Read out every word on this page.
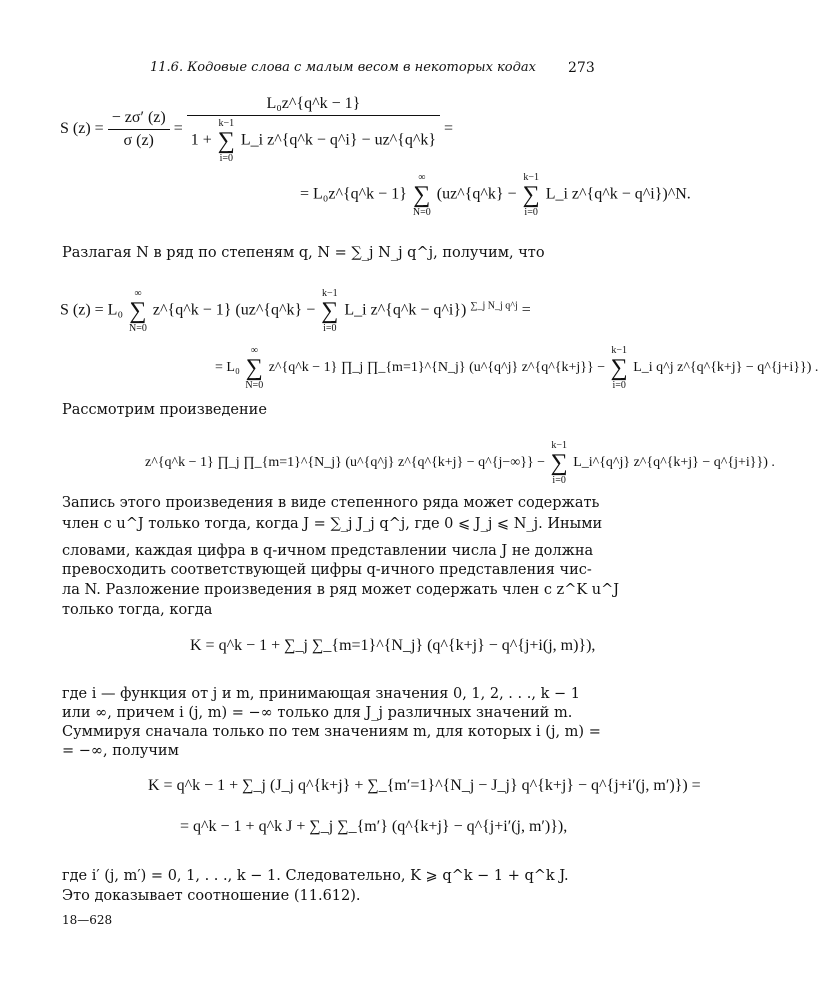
11.6. Кодовые слова с малым весом в некоторых кодах 273
S $(z) = \frac{- z\sigma' (z)}{\sigma (z)}$ =
L₀z^{q^k − 1}
1 +
k−1
∑
i=0
L_i z^{q^k − q^i} − uz^{q^k}
=
= L₀z^{q^k − 1}
∞
∑
N=0
(uz^{q^k} −
k−1
∑
i=0
L_i z^{q^k − q^i})^N.
Разлагая N в ряд по степеням q, N = ∑_j N_j q^j, получим, что
S (z) = L₀
∞
∑
N=0
z^{q^k − 1} (uz^{q^k} −
k−1
∑
i=0
L_i z^{q^k − q^i}) $^{\sum\_j N\_j q\^{}j}$ =
= L₀
∞
∑
N=0
z^{q^k − 1} ∏_j ∏_{m=1}^{N_j} (u^{q^j} z^{q^{k+j}} −
k−1
∑
i=0
L_i q^j z^{q^{k+j} − q^{j+i}}) .
Рассмотрим произведение
z^{q^k − 1} ∏_j ∏_{m=1}^{N_j} (u^{q^j} z^{q^{k+j} − q^{j−∞}} −
k−1
∑
i=0
L_i^{q^j} z^{q^{k+j} − q^{j+i}}) .
Запись этого произведения в виде степенного ряда может содержать
член с u^J только тогда, когда J = ∑_j J_j q^j, где 0 ⩽ J_j ⩽ N_j. Иными
словами, каждая цифра в q-ичном представлении числа J не должна
превосходить соответствующей цифры q-ичного представления чис-
ла N. Разложение произведения в ряд может содержать член с z^K u^J
только тогда, когда
K = q^k − 1 + ∑_j ∑_{m=1}^{N_j} (q^{k+j} − q^{j+i(j, m)}),
где i — функция от j и m, принимающая значения 0, 1, 2, . . ., k − 1
или ∞, причем i (j, m) = −∞ только для J_j различных значений m.
Суммируя сначала только по тем значениям m, для которых i (j, m) =
= −∞, получим
K = q^k − 1 + ∑_j (J_j q^{k+j} + ∑_{m′=1}^{N_j − J_j} q^{k+j} − q^{j+i′(j, m′)}) =
= q^k − 1 + q^k J + ∑_j ∑_{m′} (q^{k+j} − q^{j+i′(j, m′)}),
где i′ (j, m′) = 0, 1, . . ., k − 1. Следовательно, K ⩾ q^k − 1 + q^k J.
Это доказывает соотношение (11.612).
18—628
